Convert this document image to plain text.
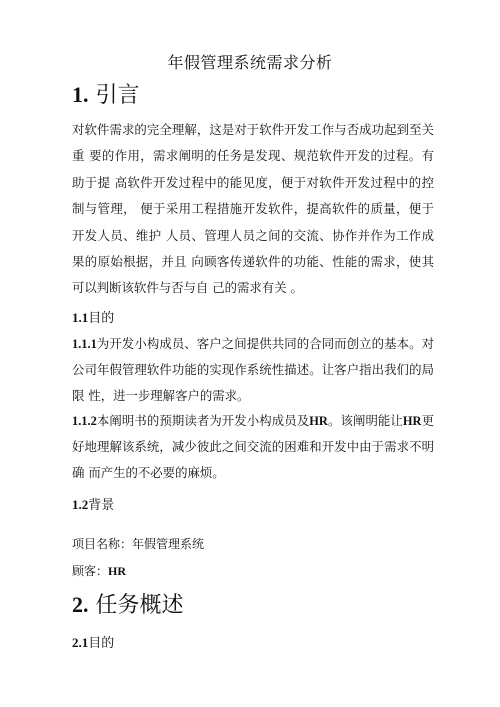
年假管理系统需求分析
1. 引言

对软件需求的完全理解，这是对于软件开发工作与否成功起到至关重 要的作用，需求阐明的任务是发现、规范软件开发的过程。有助于提 高软件开发过程中的能见度，便于对软件开发过程中的控制与管理， 便于采用工程措施开发软件，提高软件的质量，便于开发人员、维护 人员、管理人员之间的交流、协作并作为工作成果的原始根据，并且 向顾客传递软件的功能、性能的需求，使其可以判断该软件与否与自 己的需求有关 。

1.1目的

1.1.1为开发小构成员、客户之间提供共同的合同而创立的基本。对 公司年假管理软件功能的实现作系统性描述。让客户指出我们的局限 性，进一步理解客户的需求。

1.1.2本阐明书的预期读者为开发小构成员及HR。该阐明能让HR更 好地理解该系统，减少彼此之间交流的困难和开发中由于需求不明确 而产生的不必要的麻烦。

1.2背景
项目名称：年假管理系统
顾客：HR
2. 任务概述
2.1目的
